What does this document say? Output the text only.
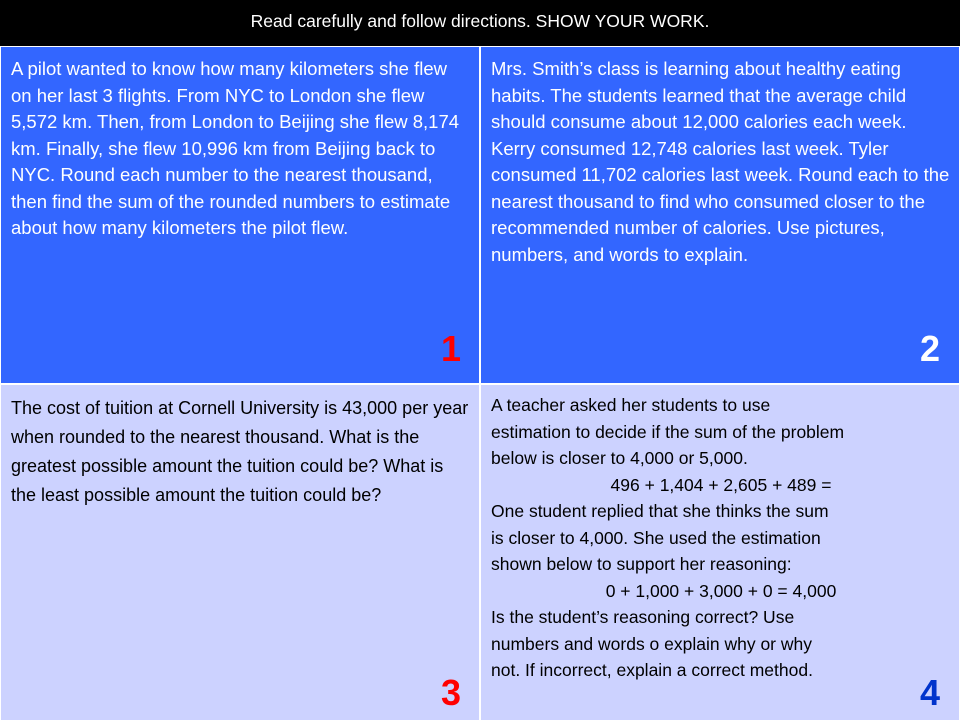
Read carefully and follow directions. SHOW YOUR WORK.

A pilot wanted to know how many kilometers she flew on her last 3 flights. From NYC to London she flew 5,572 km. Then, from London to Beijing she flew 8,174 km. Finally, she flew 10,996 km from Beijing back to NYC. Round each number to the nearest thousand, then find the sum of the rounded numbers to estimate about how many kilometers the pilot flew.

1

Mrs. Smith’s class is learning about healthy eating habits. The students learned that the average child should consume about 12,000 calories each week. Kerry consumed 12,748 calories last week. Tyler consumed 11,702 calories last week. Round each to the nearest thousand to find who consumed closer to the recommended number of calories. Use pictures, numbers, and words to explain.

2

The cost of tuition at Cornell University is 43,000 per year when rounded to the nearest thousand. What is the greatest possible amount the tuition could be? What is the least possible amount the tuition could be?

3
A teacher asked her students to use
estimation to decide if the sum of the problem
below is closer to 4,000 or 5,000.
496 + 1,404 + 2,605 + 489 =
One student replied that she thinks the sum
is closer to 4,000. She used the estimation
shown below to support her reasoning:
0 + 1,000 + 3,000 + 0 = 4,000
Is the student’s reasoning correct? Use
numbers and words o explain why or why
not. If incorrect, explain a correct method.
4
